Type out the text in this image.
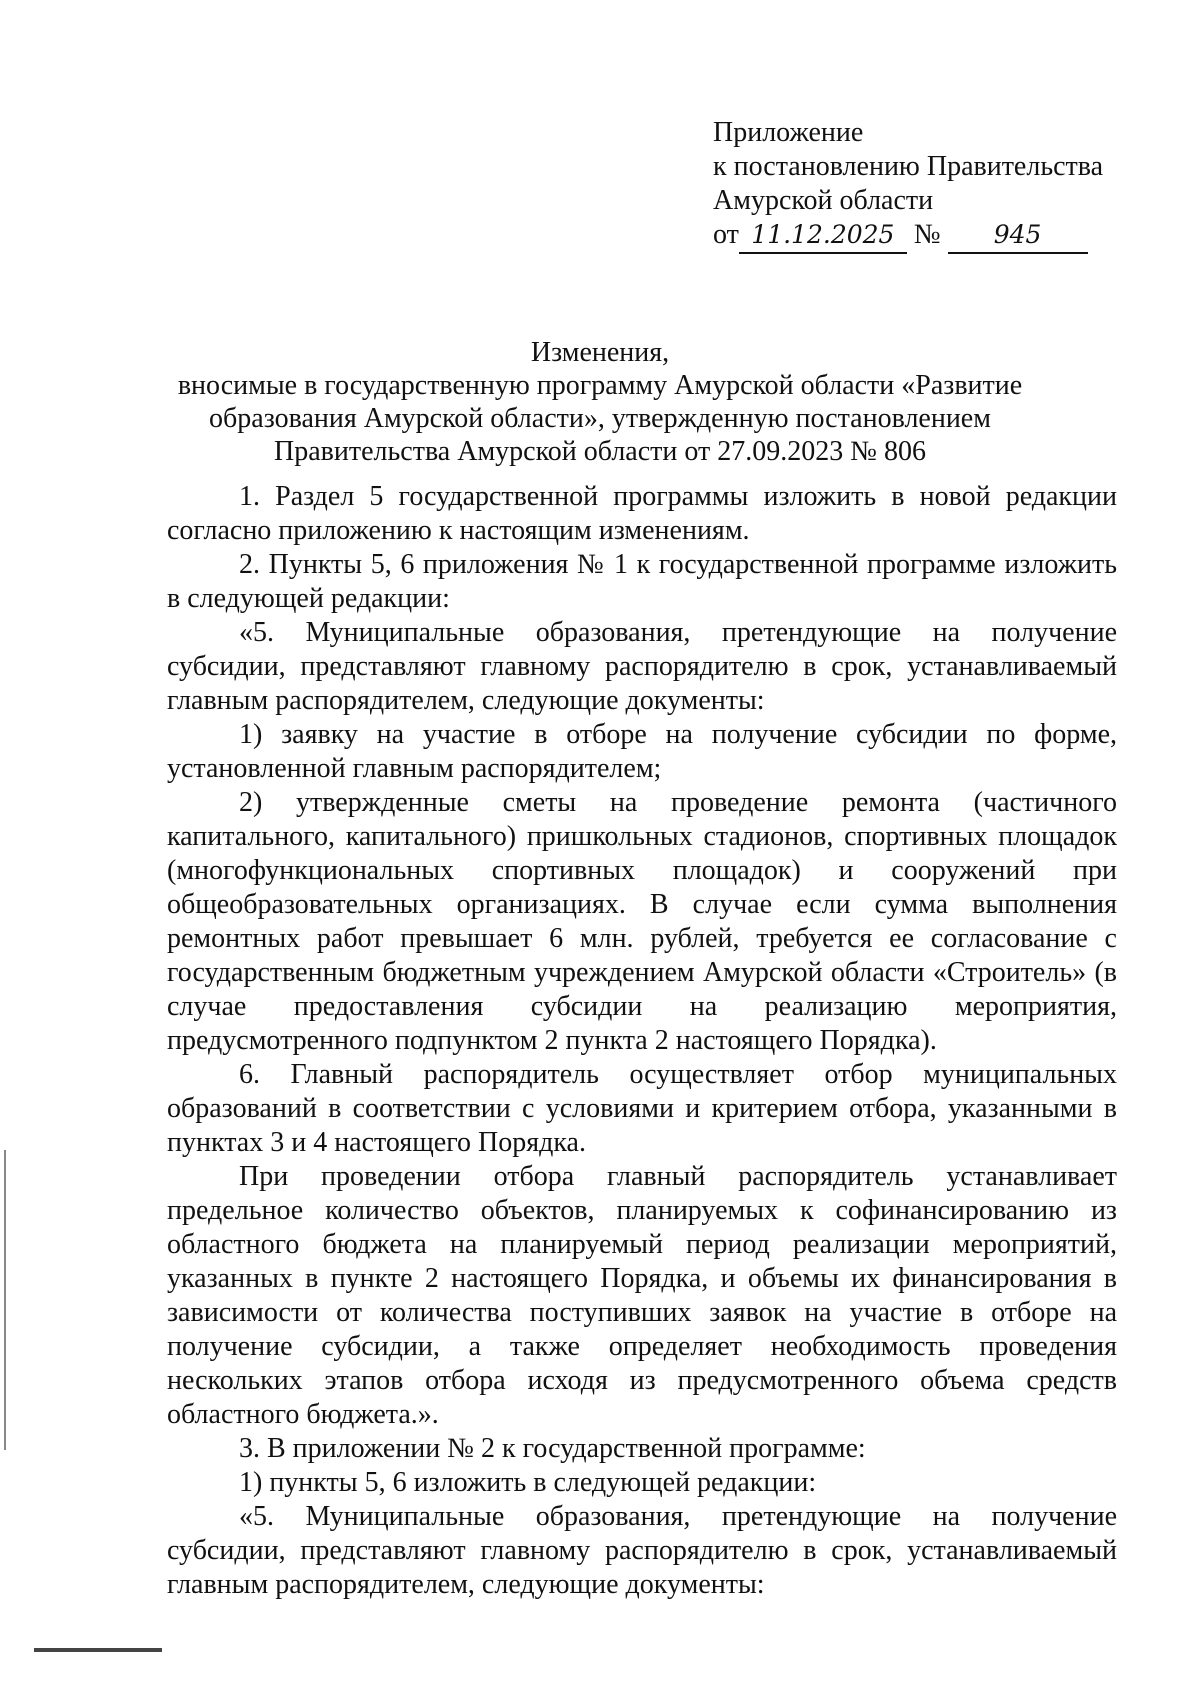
Приложение
к постановлению Правительства
Амурской области
от 11.12.2025 № 945
Изменения,
вносимые в государственную программу Амурской области «Развитие
образования Амурской области», утвержденную постановлением
Правительства Амурской области от 27.09.2023 № 806

1. Раздел 5 государственной программы изложить в новой редакции согласно приложению к настоящим изменениям.

2. Пункты 5, 6 приложения № 1 к государственной программе изложить в следующей редакции:

«5. Муниципальные образования, претендующие на получение субсидии, представляют главному распорядителю в срок, устанавливаемый главным распорядителем, следующие документы:

1) заявку на участие в отборе на получение субсидии по форме, установленной главным распорядителем;

2) утвержденные сметы на проведение ремонта (частичного капитального, капитального) пришкольных стадионов, спортивных площадок (многофункциональных спортивных площадок) и сооружений при общеобразовательных организациях. В случае если сумма выполнения ремонтных работ превышает 6 млн. рублей, требуется ее согласование с государственным бюджетным учреждением Амурской области «Строитель» (в случае предоставления субсидии на реализацию мероприятия, предусмотренного подпунктом 2 пункта 2 настоящего Порядка).

6. Главный распорядитель осуществляет отбор муниципальных образований в соответствии с условиями и критерием отбора, указанными в пунктах 3 и 4 настоящего Порядка.

При проведении отбора главный распорядитель устанавливает предельное количество объектов, планируемых к софинансированию из областного бюджета на планируемый период реализации мероприятий, указанных в пункте 2 настоящего Порядка, и объемы их финансирования в зависимости от количества поступивших заявок на участие в отборе на получение субсидии, а также определяет необходимость проведения нескольких этапов отбора исходя из предусмотренного объема средств областного бюджета.».

3. В приложении № 2 к государственной программе:

1) пункты 5, 6 изложить в следующей редакции:

«5. Муниципальные образования, претендующие на получение субсидии, представляют главному распорядителю в срок, устанавливаемый главным распорядителем, следующие документы:
